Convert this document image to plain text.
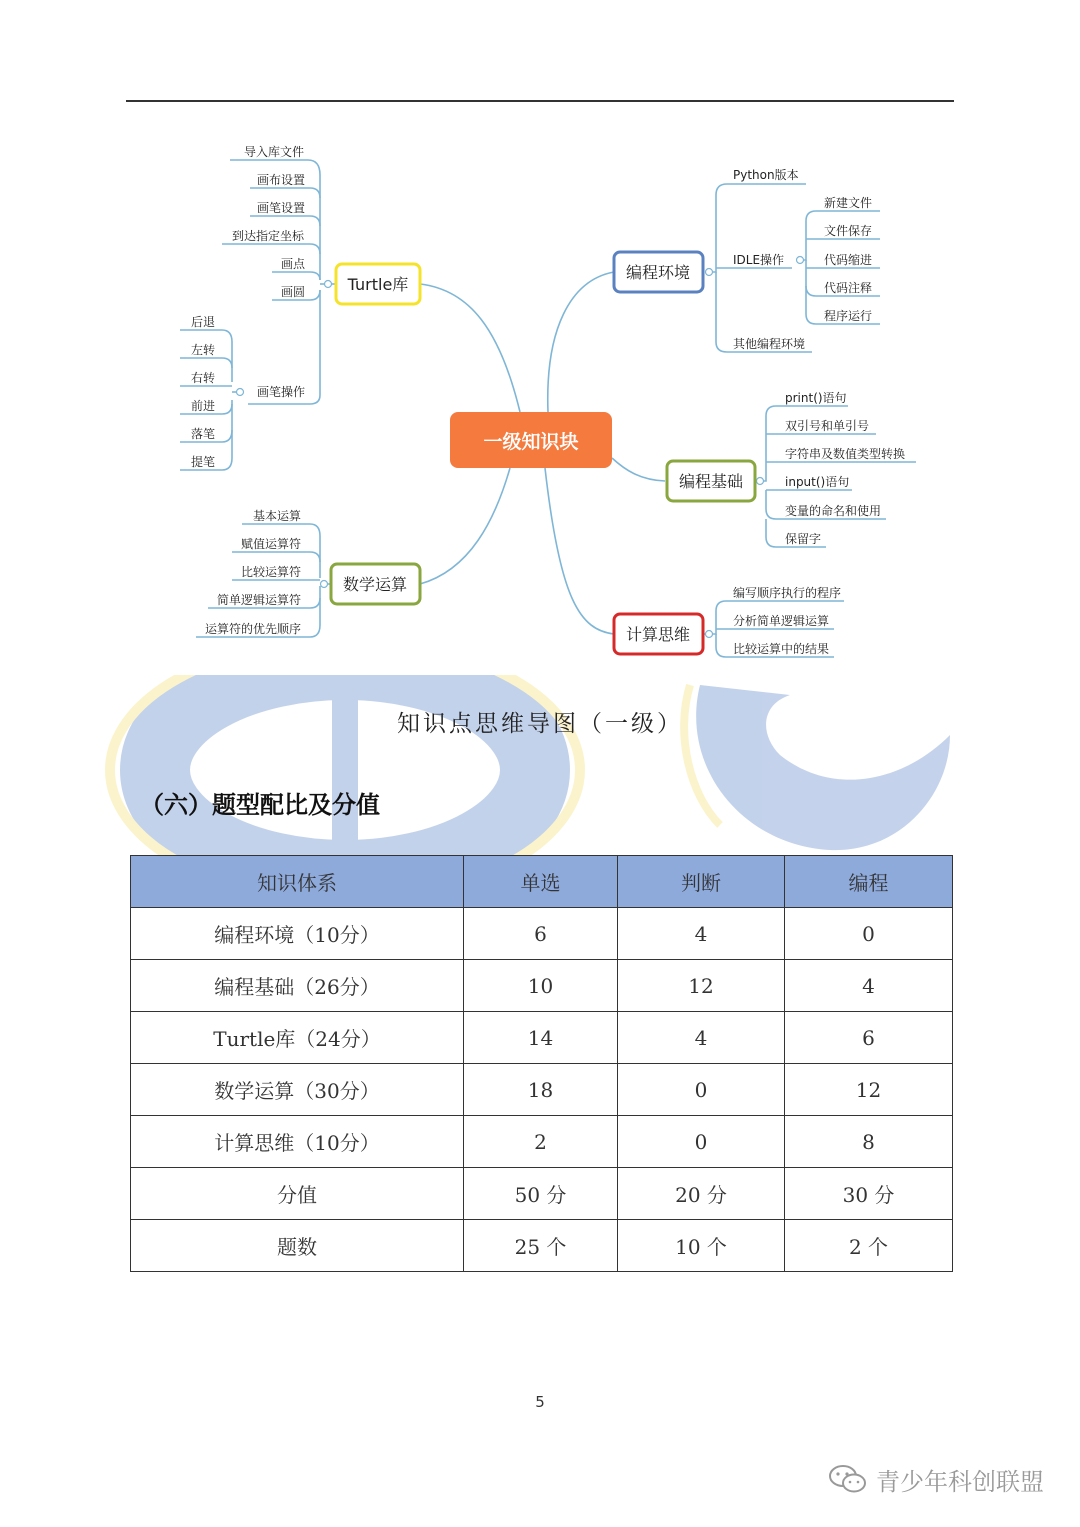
一级知识块
Turtle库
数学运算
编程环境
编程基础
计算思维
导入库文件
画布设置
画笔设置
到达指定坐标
画点
画圆
画笔操作
后退
左转
右转
前进
落笔
提笔
基本运算
赋值运算符
比较运算符
简单逻辑运算符
运算符的优先顺序
Python版本
IDLE操作
其他编程环境
新建文件
文件保存
代码缩进
代码注释
程序运行
print()语句
双引号和单引号
字符串及数值类型转换
input()语句
变量的命名和使用
保留字
编写顺序执行的程序
分析简单逻辑运算
比较运算中的结果
知识点思维导图（一级）
（六）题型配比及分值
知识体系	单选	判断	编程
编程环境（10分）	6	4	0
编程基础（26分）	10	12	4
Turtle库（24分）	14	4	6
数学运算（30分）	18	0	12
计算思维（10分）	2	0	8
分值	50 分	20 分	30 分
题数	25 个	10 个	2 个
5
青少年科创联盟
